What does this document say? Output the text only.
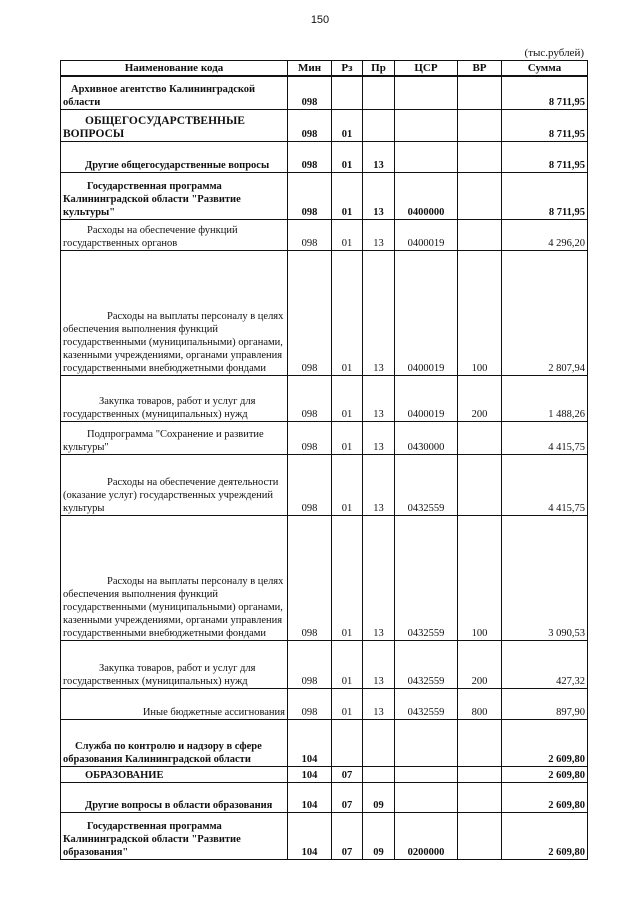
150
(тыс.рублей)
Наименование кода	Мин	Рз	Пр	ЦСР	ВР	Сумма
Архивное агентство Калининградской области	098					8 711,95
ОБЩЕГОСУДАРСТВЕННЫЕ ВОПРОСЫ	098	01				8 711,95
Другие общегосударственные вопросы	098	01	13			8 711,95
Государственная программа Калининградской области "Развитие культуры"	098	01	13	0400000		8 711,95
Расходы на обеспечение функций государственных органов	098	01	13	0400019		4 296,20
Расходы на выплаты персоналу в целях обеспечения выполнения функций государственными (муниципальными) органами, казенными учреждениями, органами управления государственными внебюджетными фондами	098	01	13	0400019	100	2 807,94
Закупка товаров, работ и услуг для государственных (муниципальных) нужд	098	01	13	0400019	200	1 488,26
Подпрограмма "Сохранение и развитие культуры"	098	01	13	0430000		4 415,75
Расходы на обеспечение деятельности (оказание услуг) государственных учреждений культуры	098	01	13	0432559		4 415,75
Расходы на выплаты персоналу в целях обеспечения выполнения функций государственными (муниципальными) органами, казенными учреждениями, органами управления государственными внебюджетными фондами	098	01	13	0432559	100	3 090,53
Закупка товаров, работ и услуг для государственных (муниципальных) нужд	098	01	13	0432559	200	427,32
Иные бюджетные ассигнования	098	01	13	0432559	800	897,90
Служба по контролю и надзору в сфере образования Калининградской области	104					2 609,80
ОБРАЗОВАНИЕ	104	07				2 609,80
Другие вопросы в области образования	104	07	09			2 609,80
Государственная программа Калининградской области "Развитие образования"	104	07	09	0200000		2 609,80
